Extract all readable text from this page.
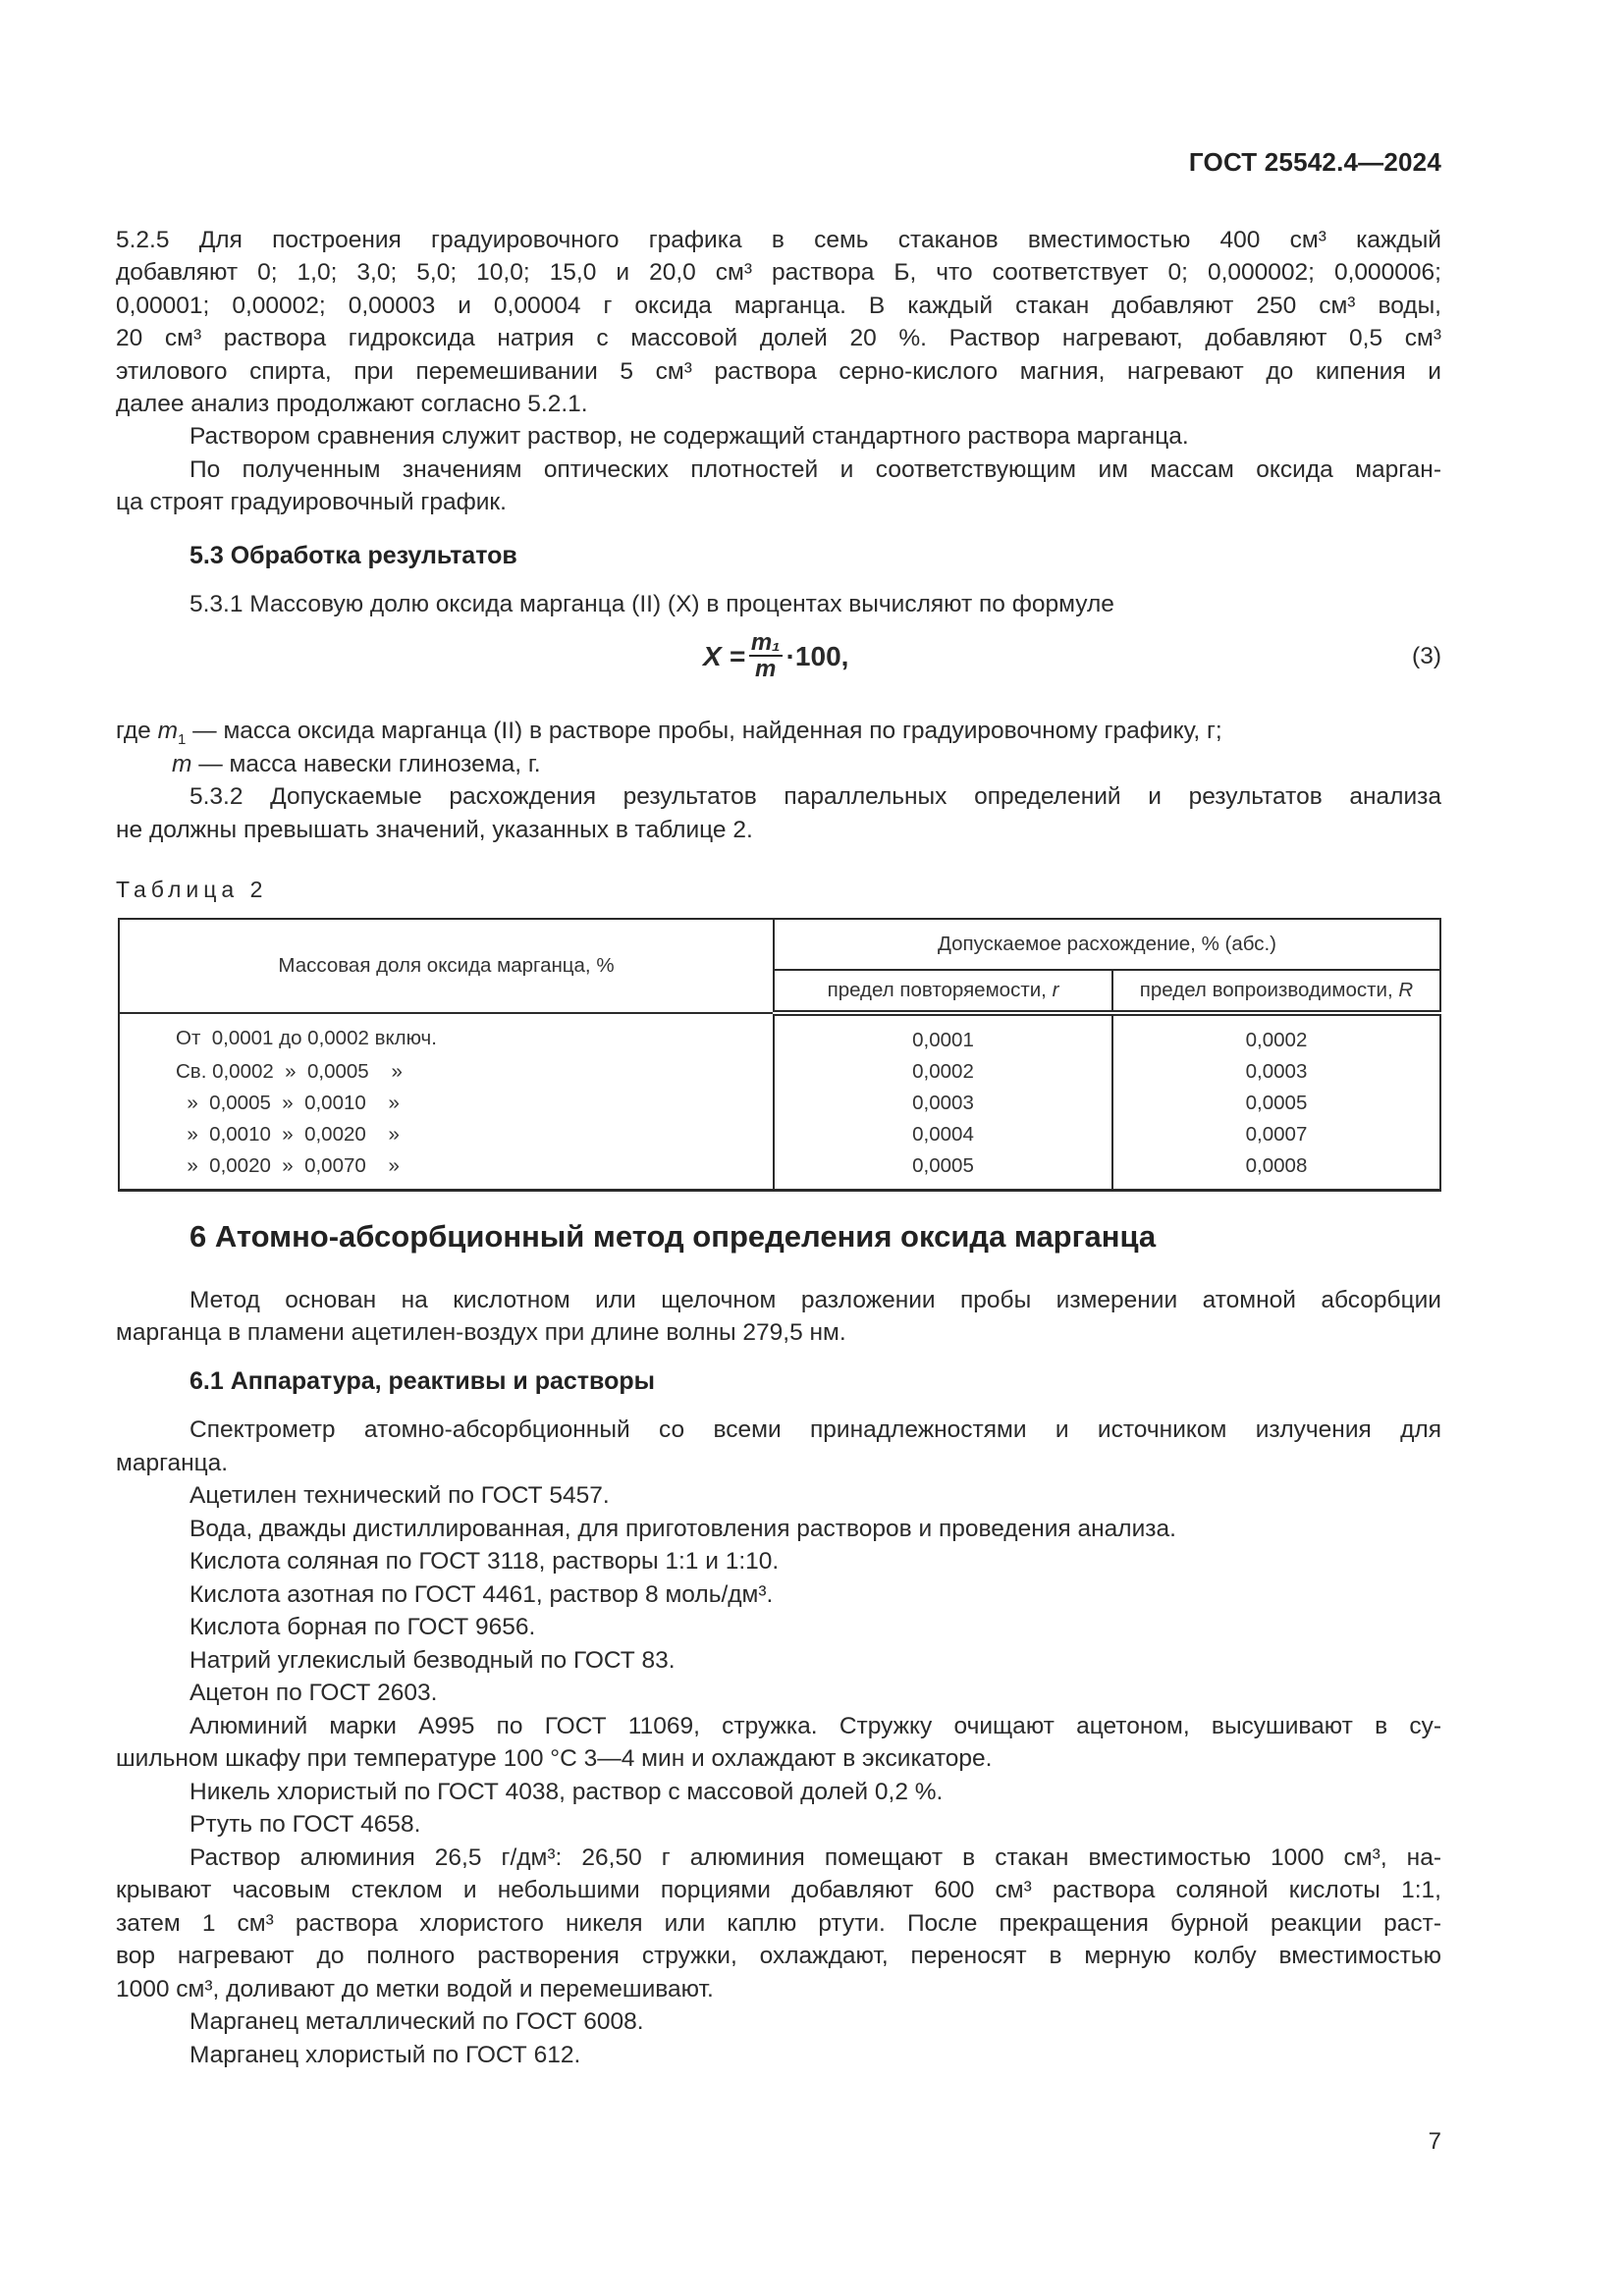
ГОСТ 25542.4—2024
5.2.5 Для построения градуировочного графика в семь стаканов вместимостью 400 см³ каждый
добавляют 0; 1,0; 3,0; 5,0; 10,0; 15,0 и 20,0 см³ раствора Б, что соответствует 0; 0,000002; 0,000006;
0,00001; 0,00002; 0,00003 и 0,00004 г оксида марганца. В каждый стакан добавляют 250 см³ воды,
20 см³ раствора гидроксида натрия с массовой долей 20 %. Раствор нагревают, добавляют 0,5 см³
этилового спирта, при перемешивании 5 см³ раствора серно-кислого магния, нагревают до кипения и
далее анализ продолжают согласно 5.2.1.
Раствором сравнения служит раствор, не содержащий стандартного раствора марганца.
По полученным значениям оптических плотностей и соответствующим им массам оксида марган-
ца строят градуировочный график.
5.3 Обработка результатов
5.3.1 Массовую долю оксида марганца (II) (X) в процентах вычисляют по формуле
$X = \frac{\text{m₁}}{m} \cdot 100$,	(3)
где $m_1$ — масса оксида марганца (II) в растворе пробы, найденная по градуировочному графику, г;
m — масса навески глинозема, г.
5.3.2 Допускаемые расхождения результатов параллельных определений и результатов анализа
не должны превышать значений, указанных в таблице 2.
Таблица 2
Массовая доля оксида марганца, %	Допускаемое расхождение, % (абс.)	
	предел повторяемости, r	предел вопроизводимости, R
От  0,0001 до 0,0002 включ.	0,0001	0,0002
Св. 0,0002  »  0,0005    »	0,0002	0,0003
»  0,0005  »  0,0010    »	0,0003	0,0005
»  0,0010  »  0,0020    »	0,0004	0,0007
»  0,0020  »  0,0070    »	0,0005	0,0008
6 Атомно-абсорбционный метод определения оксида марганца
Метод основан на кислотном или щелочном разложении пробы измерении атомной абсорбции
марганца в пламени ацетилен-воздух при длине волны 279,5 нм.
6.1 Аппаратура, реактивы и растворы
Спектрометр атомно-абсорбционный со всеми принадлежностями и источником излучения для
марганца.
Ацетилен технический по ГОСТ 5457.
Вода, дважды дистиллированная, для приготовления растворов и проведения анализа.
Кислота соляная по ГОСТ 3118, растворы 1:1 и 1:10.
Кислота азотная по ГОСТ 4461, раствор 8 моль/дм³.
Кислота борная по ГОСТ 9656.
Натрий углекислый безводный по ГОСТ 83.
Ацетон по ГОСТ 2603.
Алюминий марки А995 по ГОСТ 11069, стружка. Стружку очищают ацетоном, высушивают в су-
шильном шкафу при температуре 100 °С 3—4 мин и охлаждают в эксикаторе.
Никель хлористый по ГОСТ 4038, раствор с массовой долей 0,2 %.
Ртуть по ГОСТ 4658.
Раствор алюминия 26,5 г/дм³: 26,50 г алюминия помещают в стакан вместимостью 1000 см³, на-
крывают часовым стеклом и небольшими порциями добавляют 600 см³ раствора соляной кислоты 1:1,
затем 1 см³ раствора хлористого никеля или каплю ртути. После прекращения бурной реакции раст-
вор нагревают до полного растворения стружки, охлаждают, переносят в мерную колбу вместимостью
1000 см³, доливают до метки водой и перемешивают.
Марганец металлический по ГОСТ 6008.
Марганец хлористый по ГОСТ 612.
7
